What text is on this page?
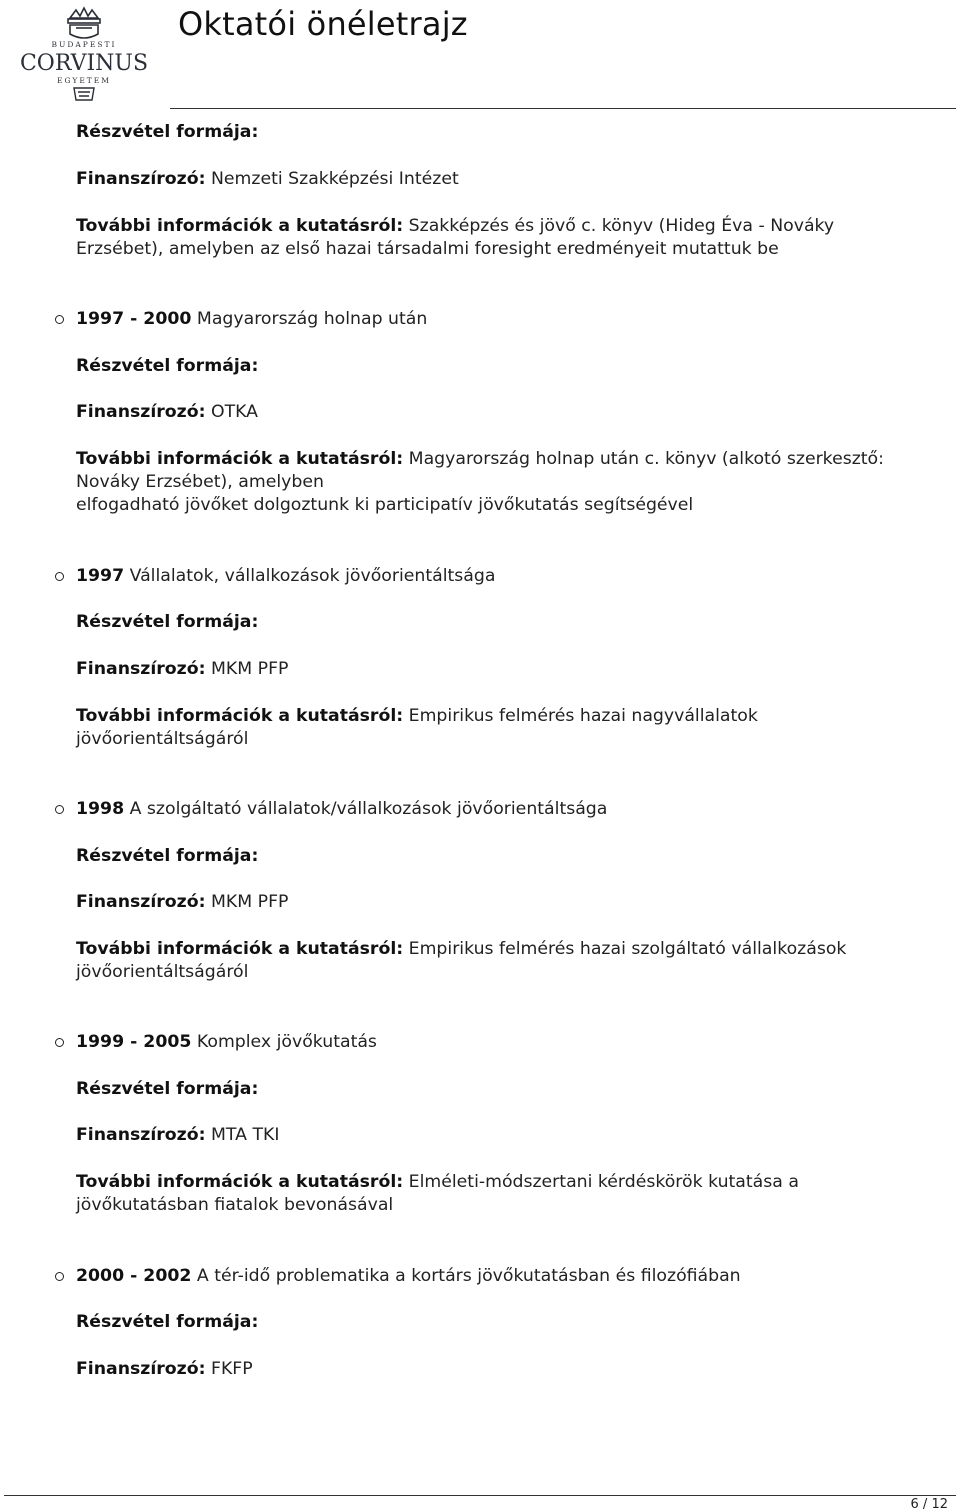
BUDAPESTI
CORVINUS
EGYETEM
Oktatói önéletrajz
Részvétel formája:
Finanszírozó: Nemzeti Szakképzési Intézet
További információk a kutatásról: Szakképzés és jövő c. könyv (Hideg Éva - Nováky
Erzsébet), amelyben az első hazai társadalmi foresight eredményeit mutattuk be
1997 - 2000 Magyarország holnap után
Részvétel formája:
Finanszírozó: OTKA
További információk a kutatásról: Magyarország holnap után c. könyv (alkotó szerkesztő:
Nováky Erzsébet), amelyben
elfogadható jövőket dolgoztunk ki participatív jövőkutatás segítségével
1997 Vállalatok, vállalkozások jövőorientáltsága
Részvétel formája:
Finanszírozó: MKM PFP
További információk a kutatásról: Empirikus felmérés hazai nagyvállalatok
jövőorientáltságáról
1998 A szolgáltató vállalatok/vállalkozások jövőorientáltsága
Részvétel formája:
Finanszírozó: MKM PFP
További információk a kutatásról: Empirikus felmérés hazai szolgáltató vállalkozások
jövőorientáltságáról
1999 - 2005 Komplex jövőkutatás
Részvétel formája:
Finanszírozó: MTA TKI
További információk a kutatásról: Elméleti-módszertani kérdéskörök kutatása a
jövőkutatásban fiatalok bevonásával
2000 - 2002 A tér-idő problematika a kortárs jövőkutatásban és filozófiában
Részvétel formája:
Finanszírozó: FKFP
6 / 12
